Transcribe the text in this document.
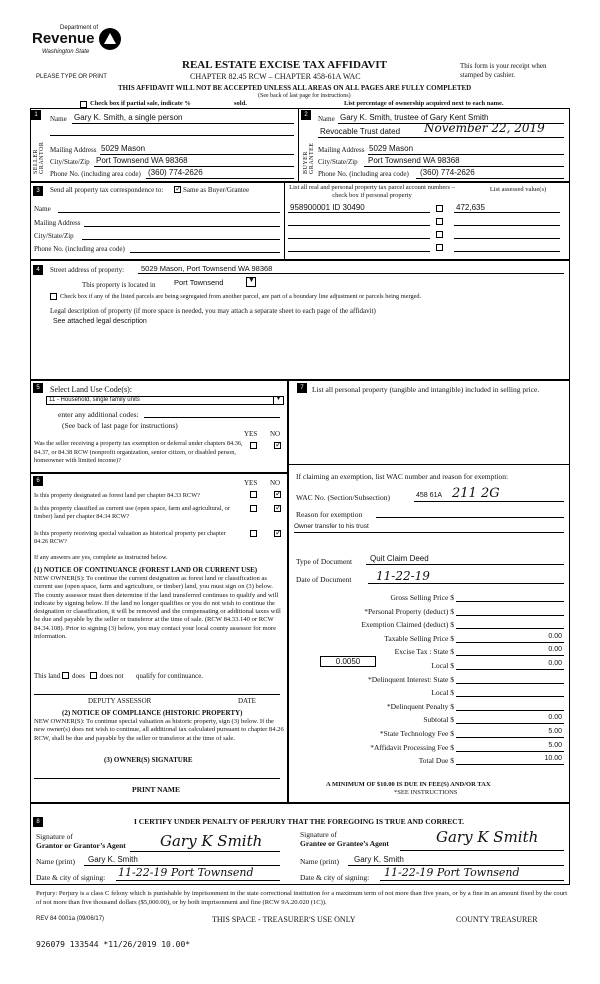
Department of
Revenue
Washington State
PLEASE TYPE OR PRINT
REAL ESTATE EXCISE TAX AFFIDAVIT
CHAPTER 82.45 RCW – CHAPTER 458-61A WAC
THIS AFFIDAVIT WILL NOT BE ACCEPTED UNLESS ALL AREAS ON ALL PAGES ARE FULLY COMPLETED
This form is your receipt when stamped by cashier.
(See back of last page for instructions)
Check box if partial sale, indicate %	sold.	List percentage of ownership acquired next to each name.
1
SELLER GRANTOR
Name Gary K. Smith, a single person
Mailing Address 5029 Mason
City/State/Zip Port Townsend WA 98368
Phone No. (including area code) (360) 774-2626
2
BUYER GRANTEE
Name Gary K. Smith, trustee of Gary Kent Smith
Revocable Trust dated November 22, 2019
Mailing Address 5029 Mason
City/State/Zip Port Townsend WA 98368
Phone No. (including area code) (360) 774-2626
3	Send all property tax correspondence to:
✓	Same as Buyer/Grantee
Name
Mailing Address
City/State/Zip
Phone No. (including area code)
List all real and personal property tax parcel account numbers – check box if personal property
List assessed value(s)
958900001 ID 30490	472,635
4	Street address of property: 5029 Mason, Port Townsend WA 98368
This property is located in Port Townsend	▼
Check box if any of the listed parcels are being segregated from another parcel, are part of a boundary line adjustment or parcels being merged.
Legal description of property (if more space is needed, you may attach a separate sheet to each page of the affidavit)
See attached legal description
5	Select Land Use Code(s):
11 - Household, single family units	▼
enter any additional codes:
(See back of last page for instructions)
YES NO
Was the seller receiving a property tax exemption or deferral under chapters 84.36, 84.37, or 84.38 RCW (nonprofit organization, senior citizen, or disabled person, homeowner with limited income)?
✓
6	YES NO
Is this property designated as forest land per chapter 84.33 RCW?
✓
Is this property classified as current use (open space, farm and agricultural, or timber) land per chapter 84.34 RCW?
✓
Is this property receiving special valuation as historical property per chapter 84.26 RCW?
✓
If any answers are yes, complete as instructed below.
(1) NOTICE OF CONTINUANCE (FOREST LAND OR CURRENT USE)
NEW OWNER(S): To continue the current designation as forest land or classification as current use (open space, farm and agriculture, or timber) land, you must sign on (3) below. The county assessor must then determine if the land transferred continues to qualify and will indicate by signing below. If the land no longer qualifies or you do not wish to continue the designation or classification, it will be removed and the compensating or additional taxes will be due and payable by the seller or transferor at the time of sale. (RCW 84.33.140 or RCW 84.34.108). Prior to signing (3) below, you may contact your local county assessor for more information.
This land does does not qualify for continuance.
DEPUTY ASSESSOR	DATE
(2) NOTICE OF COMPLIANCE (HISTORIC PROPERTY)
NEW OWNER(S): To continue special valuation as historic property, sign (3) below. If the new owner(s) does not wish to continue, all additional tax calculated pursuant to chapter 84.26 RCW, shall be due and payable by the seller or transferor at the time of sale.
(3) OWNER(S) SIGNATURE
PRINT NAME
7	List all personal property (tangible and intangible) included in selling price.
If claiming an exemption, list WAC number and reason for exemption:
WAC No. (Section/Subsection)	458 61A 211 2G
Reason for exemption
Owner transfer to his trust
Type of Document Quit Claim Deed
Date of Document 11-22-19
Gross Selling Price $
*Personal Property (deduct) $
Exemption Claimed (deduct) $
Taxable Selling Price $	0.00
Excise Tax : State $	0.00
Local $	0.00
*Delinquent Interest: State $
Local $
*Delinquent Penalty $
Subtotal $	0.00
*State Technology Fee $	5.00
*Affidavit Processing Fee $	5.00
Total Due $	10.00
0.0050
A MINIMUM OF $10.00 IS DUE IN FEE(S) AND/OR TAX
*SEE INSTRUCTIONS
8	I CERTIFY UNDER PENALTY OF PERJURY THAT THE FOREGOING IS TRUE AND CORRECT.
Signature of
Grantor or Grantor’s Agent Gary K Smith
Name (print) Gary K. Smith
Date & city of signing: 11-22-19 Port Townsend
Signature of
Grantee or Grantee’s Agent	Gary K Smith
Name (print) Gary K. Smith
Date & city of signing: 11-22-19 Port Townsend
Perjury: Perjury is a class C felony which is punishable by imprisonment in the state correctional institution for a maximum term of not more than five years, or by a fine in an amount fixed by the court of not more than five thousand dollars ($5,000.00), or by both imprisonment and fine (RCW 9A.20.020 (1C)).
REV 84 0001a (09/06/17)	THIS SPACE - TREASURER'S USE ONLY	COUNTY TREASURER
926079 133544 *11/26/2019 10.00*
